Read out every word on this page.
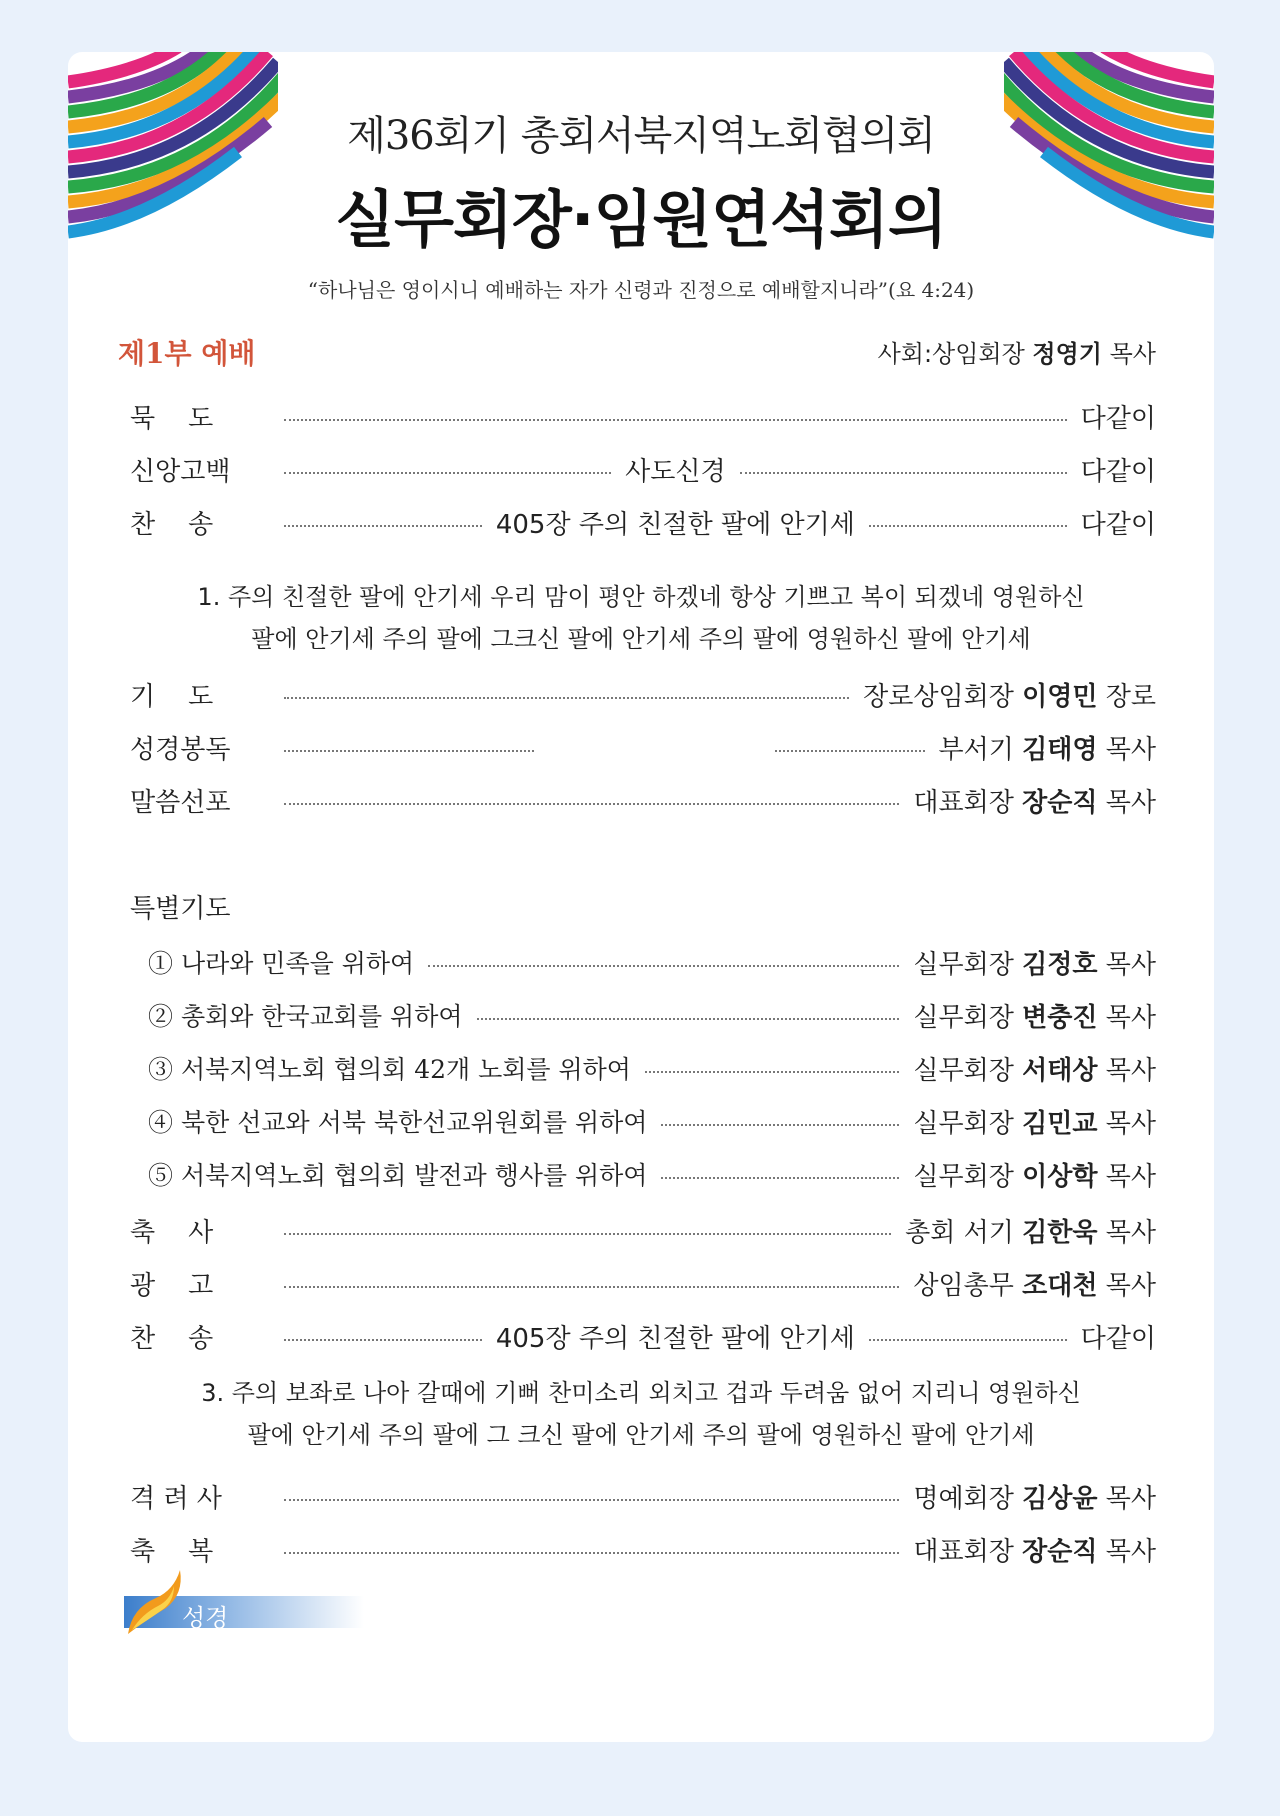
제36회기 총회서북지역노회협의회
실무회장·임원연석회의
“하나님은 영이시니 예배하는 자가 신령과 진정으로 예배할지니라”(요 4:24)
제1부 예배	사회:상임회장 정영기 목사
묵    도	다같이
신앙고백	사도신경	다같이
찬    송	405장 주의 친절한 팔에 안기세	다같이
1. 주의 친절한 팔에 안기세 우리 맘이 평안 하겠네 항상 기쁘고 복이 되겠네 영원하신
팔에 안기세 주의 팔에 그크신 팔에 안기세 주의 팔에 영원하신 팔에 안기세
기    도	장로상임회장 이영민 장로
성경봉독	부서기 김태영 목사
말씀선포	대표회장 장순직 목사
특별기도
① 나라와 민족을 위하여	실무회장 김정호 목사
② 총회와 한국교회를 위하여	실무회장 변충진 목사
③ 서북지역노회 협의회 42개 노회를 위하여	실무회장 서태상 목사
④ 북한 선교와 서북 북한선교위원회를 위하여	실무회장 김민교 목사
⑤ 서북지역노회 협의회 발전과 행사를 위하여	실무회장 이상학 목사
축    사	총회 서기 김한욱 목사
광    고	상임총무 조대천 목사
찬    송	405장 주의 친절한 팔에 안기세	다같이
3. 주의 보좌로 나아 갈때에 기뻐 찬미소리 외치고 겁과 두려움 없어 지리니 영원하신
팔에 안기세 주의 팔에 그 크신 팔에 안기세 주의 팔에 영원하신 팔에 안기세
격 려 사	명예회장 김상윤 목사
축    복	대표회장 장순직 목사
성경
